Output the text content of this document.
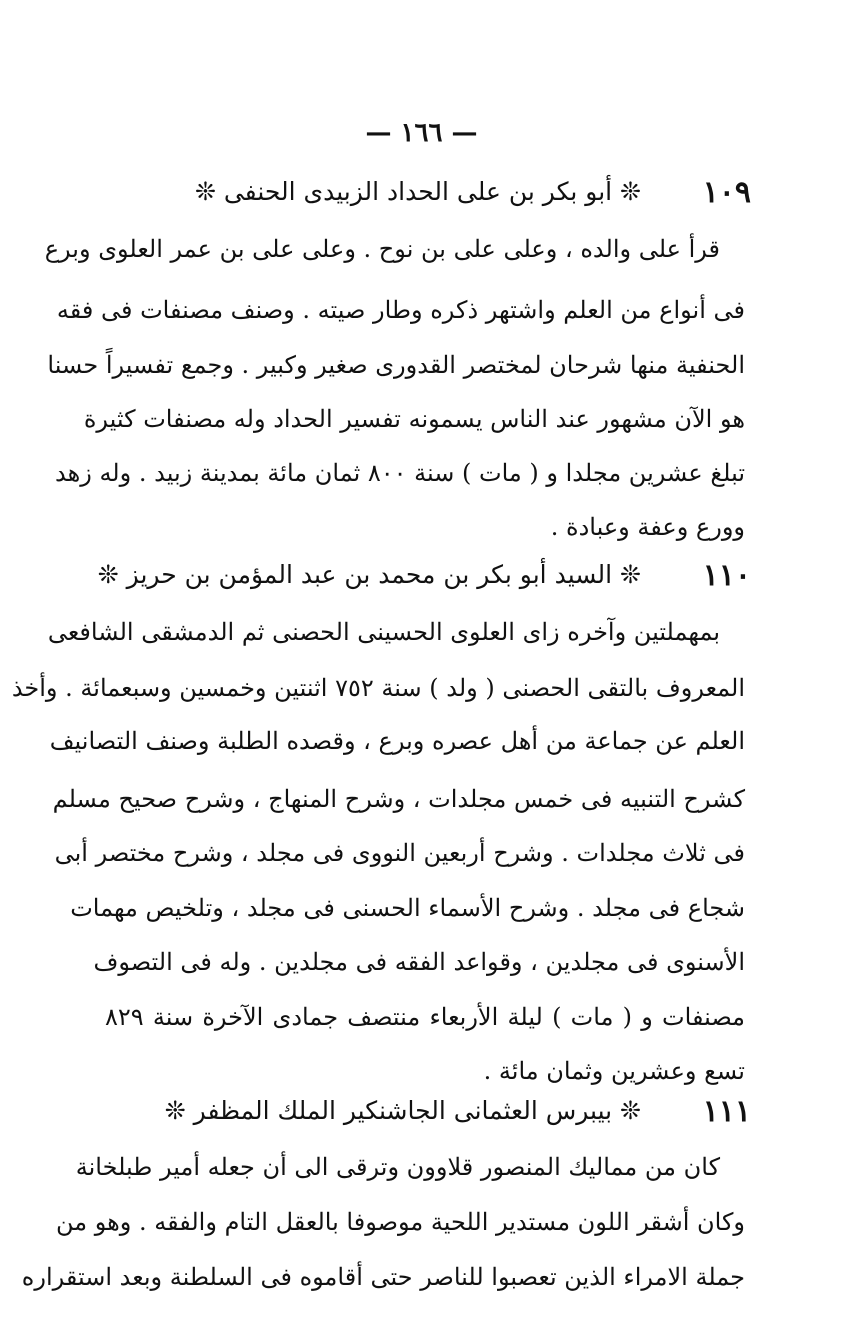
— ١٦٦ —
١٠٩
❊ أبو بكر بن على الحداد الزبيدى الحنفى ❊
قرأ على والده ، وعلى على بن نوح . وعلى على بن عمر العلوى وبرع
فى أنواع من العلم واشتهر ذكره وطار صيته . وصنف مصنفات فى فقه
الحنفية منها شرحان لمختصر القدورى صغير وكبير . وجمع تفسيراً حسنا
هو الآن مشهور عند الناس يسمونه تفسير الحداد وله مصنفات كثيرة
تبلغ عشرين مجلدا و ( مات ) سنة ٨٠٠ ثمان مائة بمدينة زبيد . وله زهد
وورع وعفة وعبادة .
١١٠
❊ السيد أبو بكر بن محمد بن عبد المؤمن بن حريز ❊
بمهملتين وآخره زاى العلوى الحسينى الحصنى ثم الدمشقى الشافعى
المعروف بالتقى الحصنى ( ولد ) سنة ٧٥٢ اثنتين وخمسين وسبعمائة . وأخذ
العلم عن جماعة من أهل عصره وبرع ، وقصده الطلبة وصنف التصانيف
كشرح التنبيه فى خمس مجلدات ، وشرح المنهاج ، وشرح صحيح مسلم
فى ثلاث مجلدات . وشرح أربعين النووى فى مجلد ، وشرح مختصر أبى
شجاع فى مجلد . وشرح الأسماء الحسنى فى مجلد ، وتلخيص مهمات
الأسنوى فى مجلدين ، وقواعد الفقه فى مجلدين . وله فى التصوف
مصنفات و ( مات ) ليلة الأربعاء منتصف جمادى الآخرة سنة ٨٢٩
تسع وعشرين وثمان مائة .
١١١
❊ بيبرس العثمانى الجاشنكير الملك المظفر ❊
كان من مماليك المنصور قلاوون وترقى الى أن جعله أمير طبلخانة
وكان أشقر اللون مستدير اللحية موصوفا بالعقل التام والفقه . وهو من
جملة الامراء الذين تعصبوا للناصر حتى أقاموه فى السلطنة وبعد استقراره
